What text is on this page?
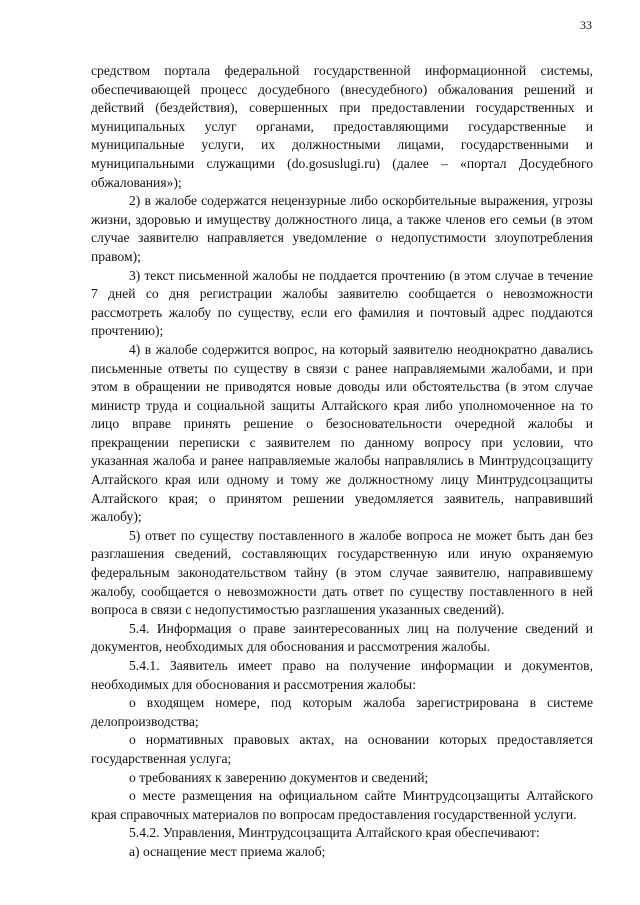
33

средством портала федеральной государственной информационной системы, обеспечивающей процесс досудебного (внесудебного) обжалования решений и действий (бездействия), совершенных при предоставлении государственных и муниципальных услуг органами, предоставляющими государственные и муниципальные услуги, их должностными лицами, государственными и муниципальными служащими (do.gosuslugi.ru) (далее – «портал Досудебного обжалования»);

2) в жалобе содержатся нецензурные либо оскорбительные выражения, угрозы жизни, здоровью и имуществу должностного лица, а также членов его семьи (в этом случае заявителю направляется уведомление о недопустимости злоупотребления правом);

3) текст письменной жалобы не поддается прочтению (в этом случае в течение 7 дней со дня регистрации жалобы заявителю сообщается о невозможности рассмотреть жалобу по существу, если его фамилия и почтовый адрес поддаются прочтению);

4) в жалобе содержится вопрос, на который заявителю неоднократно давались письменные ответы по существу в связи с ранее направляемыми жалобами, и при этом в обращении не приводятся новые доводы или обстоятельства (в этом случае министр труда и социальной защиты Алтайского края либо уполномоченное на то лицо вправе принять решение о безосновательности очередной жалобы и прекращении переписки с заявителем по данному вопросу при условии, что указанная жалоба и ранее направляемые жалобы направлялись в Минтрудсоцзащиту Алтайского края или одному и тому же должностному лицу Минтрудсоцзащиты Алтайского края; о принятом решении уведомляется заявитель, направивший жалобу);

5) ответ по существу поставленного в жалобе вопроса не может быть дан без разглашения сведений, составляющих государственную или иную охраняемую федеральным законодательством тайну (в этом случае заявителю, направившему жалобу, сообщается о невозможности дать ответ по существу поставленного в ней вопроса в связи с недопустимостью разглашения указанных сведений).

5.4. Информация о праве заинтересованных лиц на получение сведений и документов, необходимых для обоснования и рассмотрения жалобы.

5.4.1. Заявитель имеет право на получение информации и документов, необходимых для обоснования и рассмотрения жалобы:

о входящем номере, под которым жалоба зарегистрирована в системе делопроизводства;

о нормативных правовых актах, на основании которых предоставляется государственная услуга;

о требованиях к заверению документов и сведений;

о месте размещения на официальном сайте Минтрудсоцзащиты Алтайского края справочных материалов по вопросам предоставления государственной услуги.

5.4.2. Управления, Минтрудсоцзащита Алтайского края обеспечивают:

а) оснащение мест приема жалоб;
